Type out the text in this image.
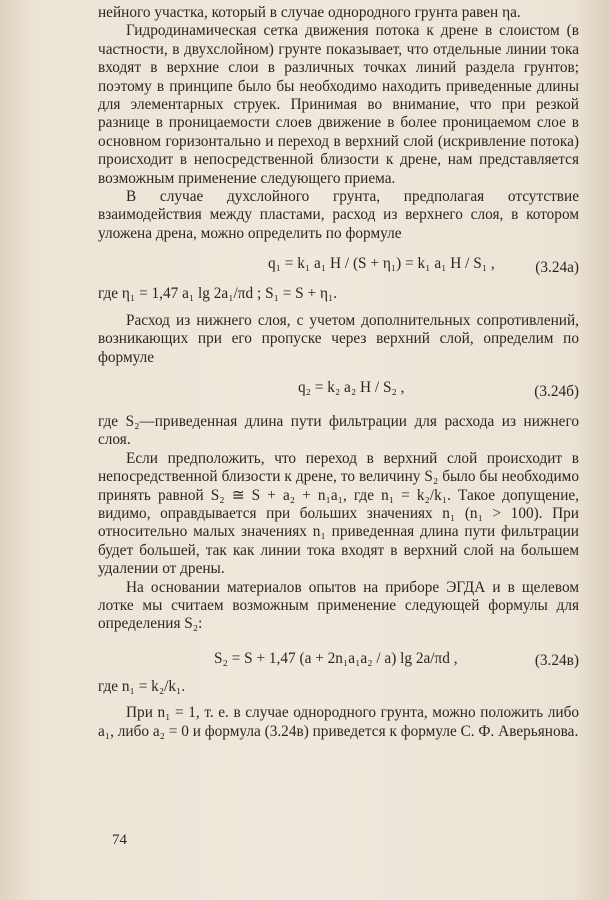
нейного участка, который в случае однородного грунта равен ηа.

Гидродинамическая сетка движения потока к дрене в слоистом (в частности, в двухслойном) грунте показывает, что отдельные линии тока входят в верхние слои в различных точках линий раздела грунтов; поэтому в принципе было бы необходимо находить приведенные длины для элементарных струек. Принимая во внимание, что при резкой разнице в проницаемости слоев движение в более проницаемом слое в основном горизонтально и переход в верхний слой (искривление потока) происходит в непосредственной близости к дрене, нам представляется возможным применение следующего приема.

В случае духслойного грунта, предполагая отсутствие взаимодействия между пластами, расход из верхнего слоя, в котором уложена дрена, можно определить по формуле

q₁ = k₁ a₁ H / (S + η₁) = k₁ a₁ H / S₁ ,	(3.24а)

где η₁ = 1,47 a₁ lg 2a₁/πd ; S₁ = S + η₁.

Расход из нижнего слоя, с учетом дополнительных сопротивлений, возникающих при его пропуске через верхний слой, определим по формуле

q₂ = k₂ a₂ H / S₂ ,	(3.24б)

где S₂—приведенная длина пути фильтрации для расхода из нижнего слоя.

Если предположить, что переход в верхний слой происходит в непосредственной близости к дрене, то величину S₂ было бы необходимо принять равной S₂ ≅ S + a₂ + n₁a₁, где n₁ = k₂/k₁. Такое допущение, видимо, оправдывается при больших значениях n₁ (n₁ > 100). При относительно малых значениях n₁ приведенная длина пути фильтрации будет большей, так как линии тока входят в верхний слой на большем удалении от дрены.

На основании материалов опытов на приборе ЭГДА и в щелевом лотке мы считаем возможным применение следующей формулы для определения S₂:

S₂ = S + 1,47 (a + 2n₁a₁a₂ / a) lg 2a/πd ,	(3.24в)

где n₁ = k₂/k₁.

При n₁ = 1, т. е. в случае однородного грунта, можно положить либо a₁, либо a₂ = 0 и формула (3.24в) приведется к формуле С. Ф. Аверьянова.

74
